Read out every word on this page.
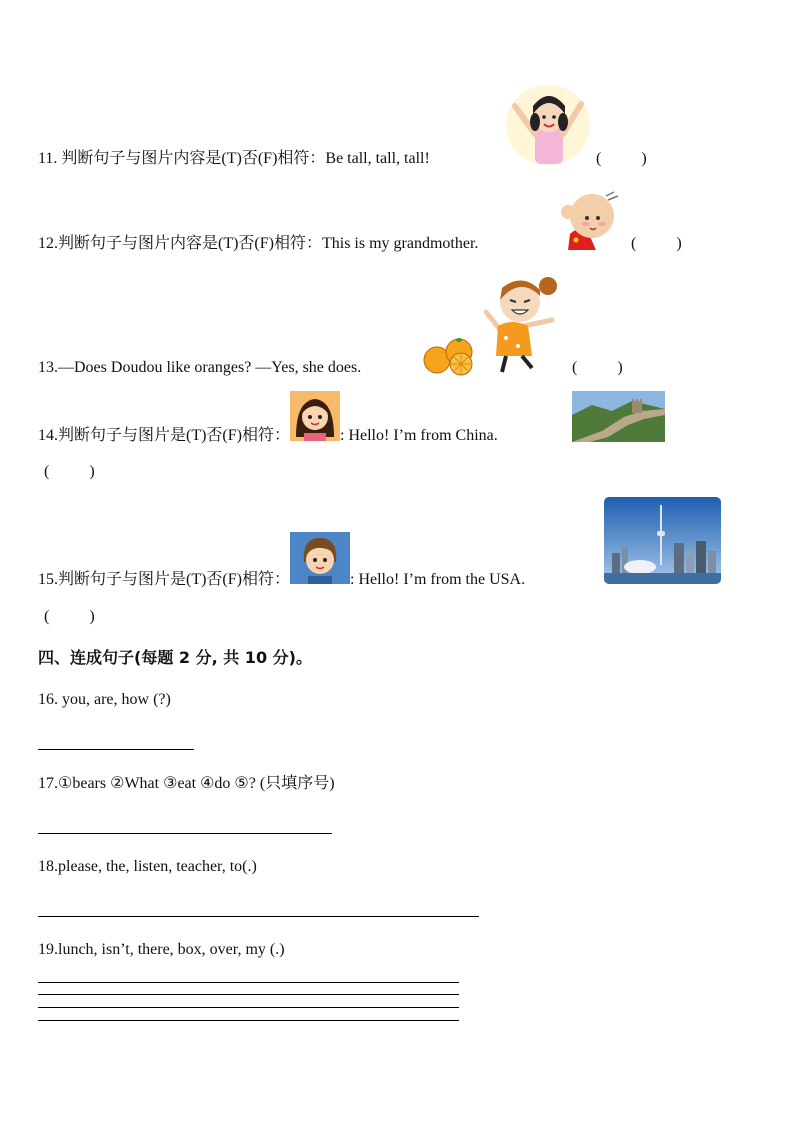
11. 判断句子与图片内容是(T)否(F)相符：Be tall, tall, tall!	(          )
12.判断句子与图片内容是(T)否(F)相符：This is my grandmother.	(          )
13.—Does Doudou like oranges? —Yes, she does.	(          )
14.判断句子与图片是(T)否(F)相符：	: Hello! I’m from China.
(          )
15.判断句子与图片是(T)否(F)相符：	: Hello! I’m from the USA.
(          )
四、连成句子(每题 2 分, 共 10 分)。
16. you, are, how (?)
17.①bears ②What ③eat ④do ⑤? (只填序号)
18.please, the, listen, teacher, to(.)
19.lunch, isn’t, there, box, over, my (.)
